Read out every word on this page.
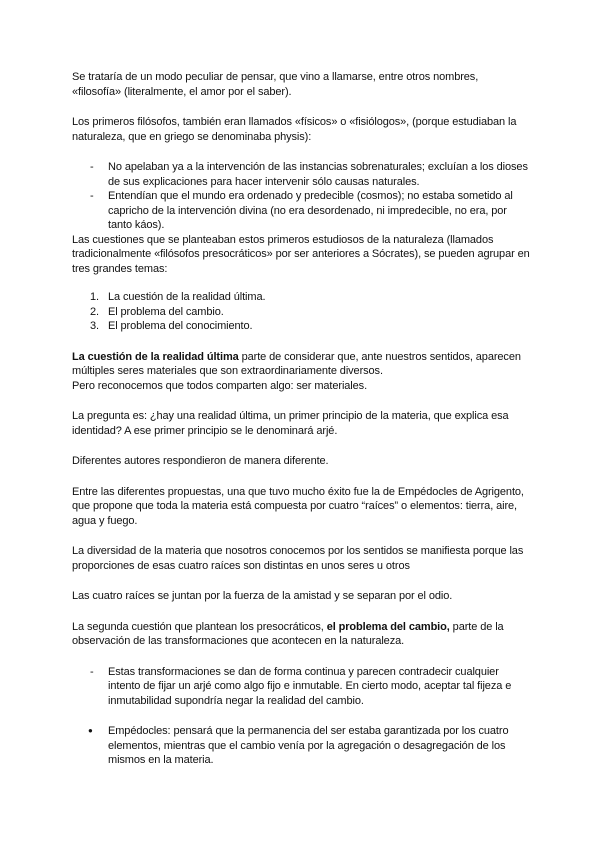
Se trataría de un modo peculiar de pensar, que vino a llamarse, entre otros nombres, «filosofía» (literalmente, el amor por el saber).

Los primeros filósofos, también eran llamados «físicos» o «fisiólogos», (porque estudiaban la naturaleza, que en griego se denominaba physis):

- No apelaban ya a la intervención de las instancias sobrenaturales; excluían a los dioses de sus explicaciones para hacer intervenir sólo causas naturales.
- Entendían que el mundo era ordenado y predecible (cosmos); no estaba sometido al capricho de la intervención divina (no era desordenado, ni impredecible, no era, por tanto káos).

Las cuestiones que se planteaban estos primeros estudiosos de la naturaleza (llamados tradicionalmente «filósofos presocráticos» por ser anteriores a Sócrates), se pueden agrupar en tres grandes temas:

1. La cuestión de la realidad última.
2. El problema del cambio.
3. El problema del conocimiento.

La cuestión de la realidad última parte de considerar que, ante nuestros sentidos, aparecen múltiples seres materiales que son extraordinariamente diversos.
Pero reconocemos que todos comparten algo: ser materiales.

La pregunta es: ¿hay una realidad última, un primer principio de la materia, que explica esa identidad? A ese primer principio se le denominará arjé.

Diferentes autores respondieron de manera diferente.

Entre las diferentes propuestas, una que tuvo mucho éxito fue la de Empédocles de Agrigento, que propone que toda la materia está compuesta por cuatro “raíces” o elementos: tierra, aire, agua y fuego.

La diversidad de la materia que nosotros conocemos por los sentidos se manifiesta porque las proporciones de esas cuatro raíces son distintas en unos seres u otros

Las cuatro raíces se juntan por la fuerza de la amistad y se separan por el odio.

La segunda cuestión que plantean los presocráticos, el problema del cambio, parte de la observación de las transformaciones que acontecen en la naturaleza.

- Estas transformaciones se dan de forma continua y parecen contradecir cualquier intento de fijar un arjé como algo fijo e inmutable. En cierto modo, aceptar tal fijeza e inmutabilidad supondría negar la realidad del cambio.
● Empédocles: pensará que la permanencia del ser estaba garantizada por los cuatro elementos, mientras que el cambio venía por la agregación o desagregación de los mismos en la materia.
